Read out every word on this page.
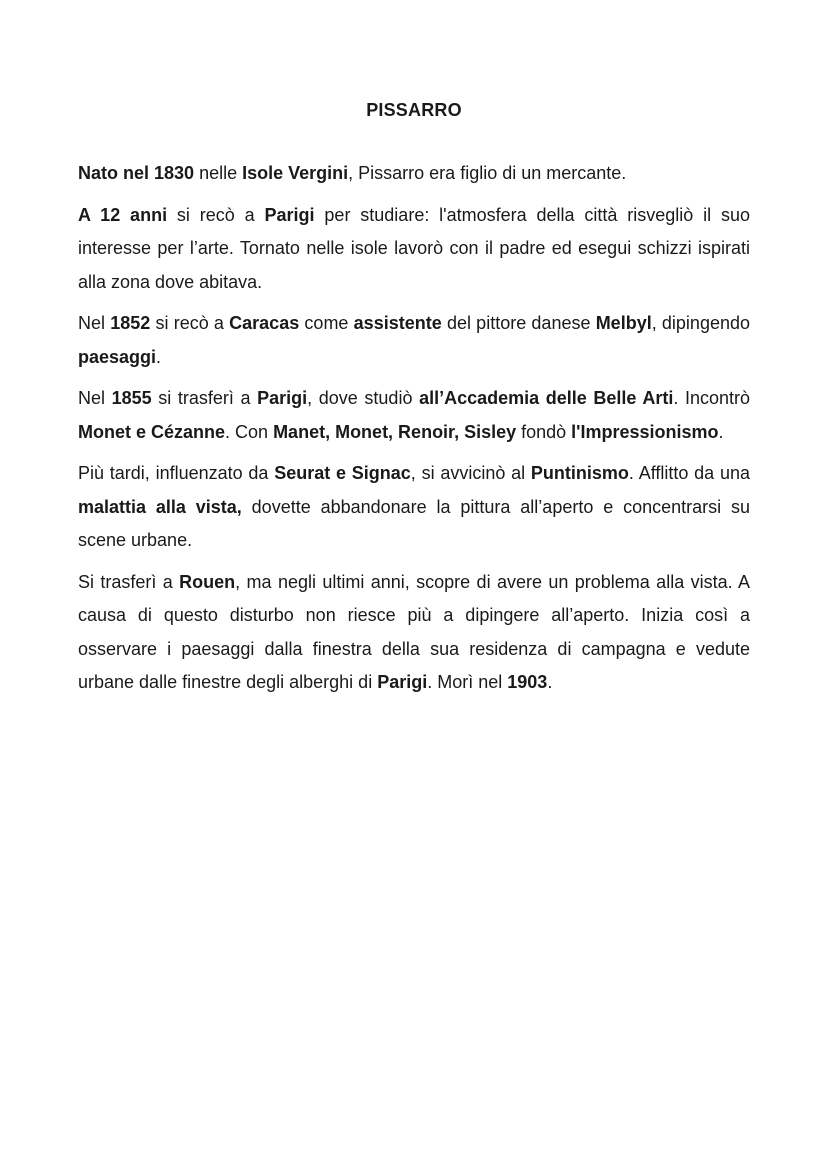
PISSARRO

Nato nel 1830 nelle Isole Vergini, Pissarro era figlio di un mercante.

A 12 anni si recò a Parigi per studiare: l'atmosfera della città risvegliò il suo interesse per l’arte. Tornato nelle isole lavorò con il padre ed esegui schizzi ispirati alla zona dove abitava.

Nel 1852 si recò a Caracas come assistente del pittore danese Melbyl, dipingendo paesaggi.

Nel 1855 si trasferì a Parigi, dove studiò all’Accademia delle Belle Arti. Incontrò Monet e Cézanne. Con Manet, Monet, Renoir, Sisley fondò l'Impressionismo.

Più tardi, influenzato da Seurat e Signac, si avvicinò al Puntinismo. Afflitto da una malattia alla vista, dovette abbandonare la pittura all’aperto e concentrarsi su scene urbane.

Si trasferì a Rouen, ma negli ultimi anni, scopre di avere un problema alla vista. A causa di questo disturbo non riesce più a dipingere all’aperto. Inizia così a osservare i paesaggi dalla finestra della sua residenza di campagna e vedute urbane dalle finestre degli alberghi di Parigi. Morì nel 1903.
